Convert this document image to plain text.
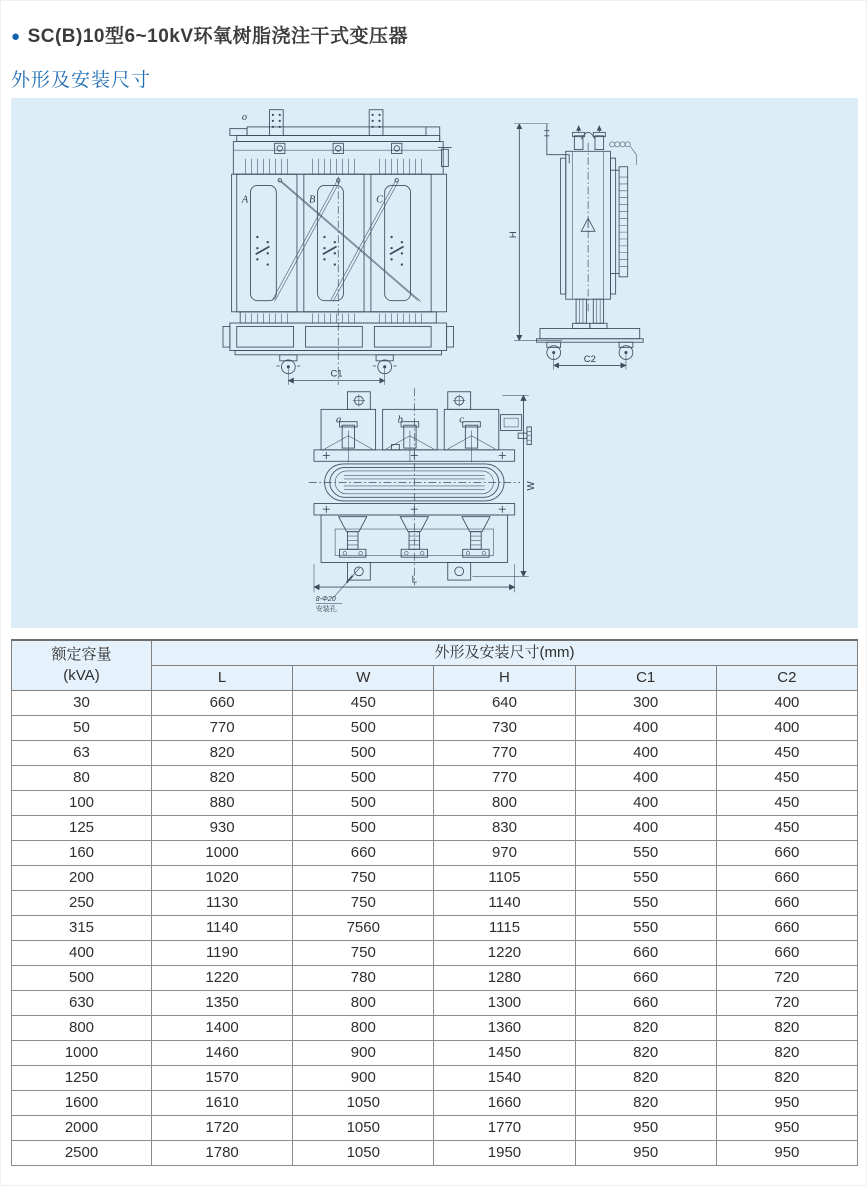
● SC(B)10型6~10kV环氧树脂浇注干式变压器
外形及安装尺寸
o
A	B	C
C1
H
C2
a	b	c
W
L
8-Φ20
安装孔
额定容量
(kVA)	外形及安装尺寸(mm)				
	L	W	H	C1	C2
30	660	450	640	300	400
50	770	500	730	400	400
63	820	500	770	400	450
80	820	500	770	400	450
100	880	500	800	400	450
125	930	500	830	400	450
160	1000	660	970	550	660
200	1020	750	1105	550	660
250	1130	750	1140	550	660
315	1140	7560	1115	550	660
400	1190	750	1220	660	660
500	1220	780	1280	660	720
630	1350	800	1300	660	720
800	1400	800	1360	820	820
1000	1460	900	1450	820	820
1250	1570	900	1540	820	820
1600	1610	1050	1660	820	950
2000	1720	1050	1770	950	950
2500	1780	1050	1950	950	950
